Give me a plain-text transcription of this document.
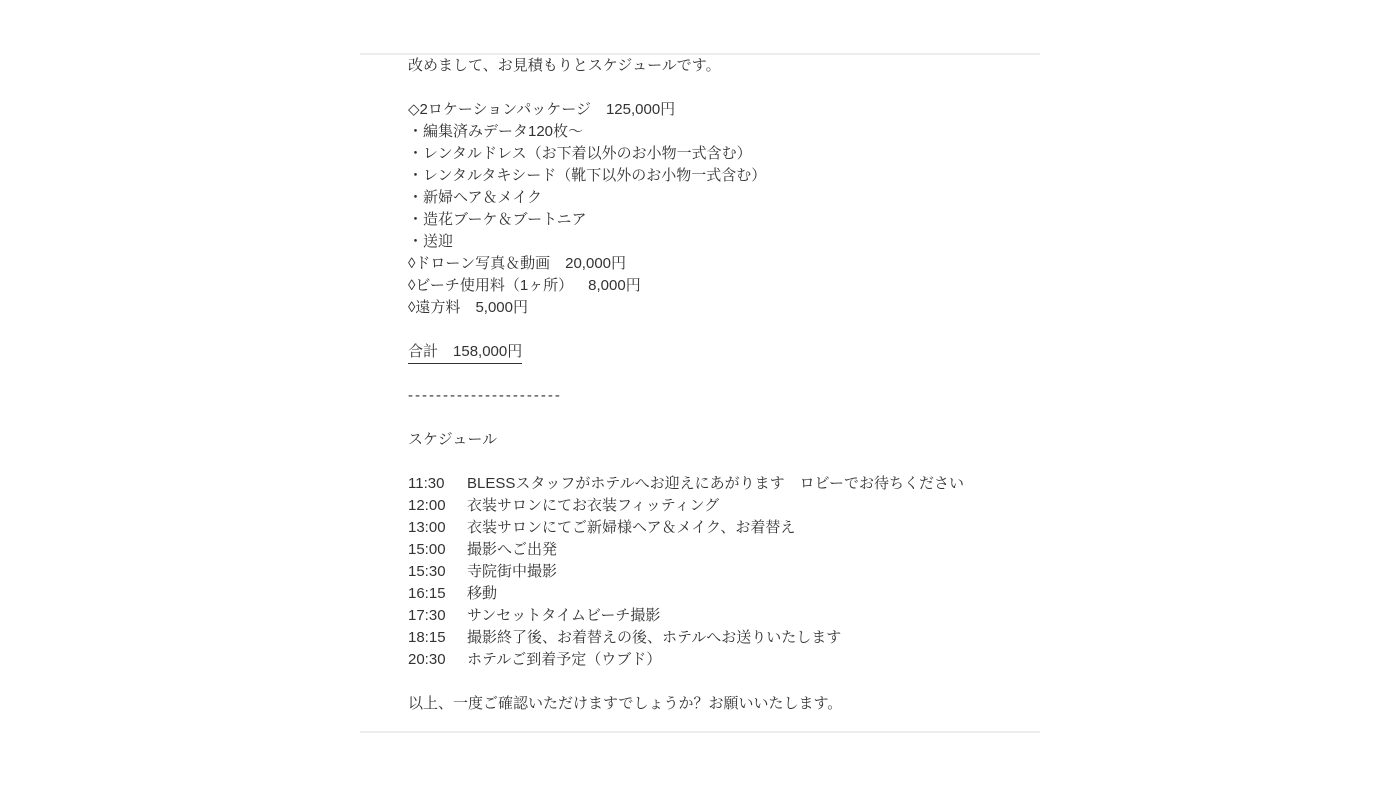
改めまして、お見積もりとスケジュールです。
◇2ロケーションパッケージ 125,000円
・編集済みデータ120枚〜
・レンタルドレス（お下着以外のお小物一式含む）
・レンタルタキシード（靴下以外のお小物一式含む）
・新婦ヘア＆メイク
・造花ブーケ＆ブートニア
・送迎
◊ドローン写真＆動画 20,000円
◊ビーチ使用料（1ヶ所） 8,000円
◊遠方料 5,000円
合計 158,000円
----------------------
スケジュール
11:30 BLESSスタッフがホテルへお迎えにあがります　ロビーでお待ちください
12:00 衣装サロンにてお衣装フィッティング
13:00 衣装サロンにてご新婦様ヘア＆メイク、お着替え
15:00 撮影へご出発
15:30 寺院街中撮影
16:15 移動
17:30 サンセットタイムビーチ撮影
18:15 撮影終了後、お着替えの後、ホテルへお送りいたします
20:30 ホテルご到着予定（ウブド）
以上、一度ご確認いただけますでしょうか？お願いいたします。
